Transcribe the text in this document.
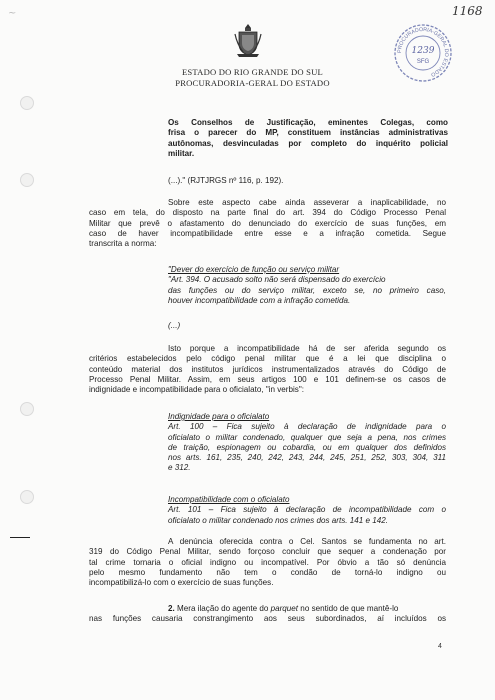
~
ESTADO DO RIO GRANDE DO SUL
PROCURADORIA-GERAL DO ESTADO
PROCURADORIA-GERAL DO ESTADO
1239
SFG
1168
Os Conselhos de Justificação, eminentes Colegas, como
frisa o parecer do MP, constituem instâncias administrativas
autônomas, desvinculadas por completo do inquérito policial
militar.
(...)." (RJTJRGS nº 116, p. 192).
Sobre este aspecto cabe ainda asseverar a inaplicabilidade, no
caso em tela, do disposto na parte final do art. 394 do Código Processo Penal
Militar que prevê o afastamento do denunciado do exercício de suas funções, em
caso de haver incompatibilidade entre esse e a infração cometida. Segue
transcrita a norma:
"Dever do exercício de função ou serviço militar
"Art. 394. O acusado solto não será dispensado do exercício
das funções ou do serviço militar, exceto se, no primeiro caso,
houver incompatibilidade com a infração cometida.
(...)
Isto porque a incompatibilidade há de ser aferida segundo os
critérios estabelecidos pelo código penal militar que é a lei que disciplina o
conteúdo material dos institutos jurídicos instrumentalizados através do Código de
Processo Penal Militar. Assim, em seus artigos 100 e 101 definem-se os casos de
indignidade e incompatibilidade para o oficialato, "in verbis":
Indignidade para o oficialato
Art. 100 – Fica sujeito à declaração de indignidade para o
oficialato o militar condenado, qualquer que seja a pena, nos crimes
de traição, espionagem ou cobardia, ou em qualquer dos definidos
nos arts. 161, 235, 240, 242, 243, 244, 245, 251, 252, 303, 304, 311
e 312.
Incompatibilidade com o oficialato
Art. 101 – Fica sujeito à declaração de incompatibilidade com o
oficialato o militar condenado nos crimes dos arts. 141 e 142.
A denúncia oferecida contra o Cel. Santos se fundamenta no art.
319 do Código Penal Militar, sendo forçoso concluir que sequer a condenação por
tal crime tornaria o oficial indigno ou incompatível. Por óbvio a tão só denúncia
pelo mesmo fundamento não tem o condão de torná-lo indigno ou
incompatibilizá-lo com o exercício de suas funções.
2. Mera ilação do agente do parquet no sentido de que mantê-lo
nas funções causaria constrangimento aos seus subordinados, aí incluídos os
4
